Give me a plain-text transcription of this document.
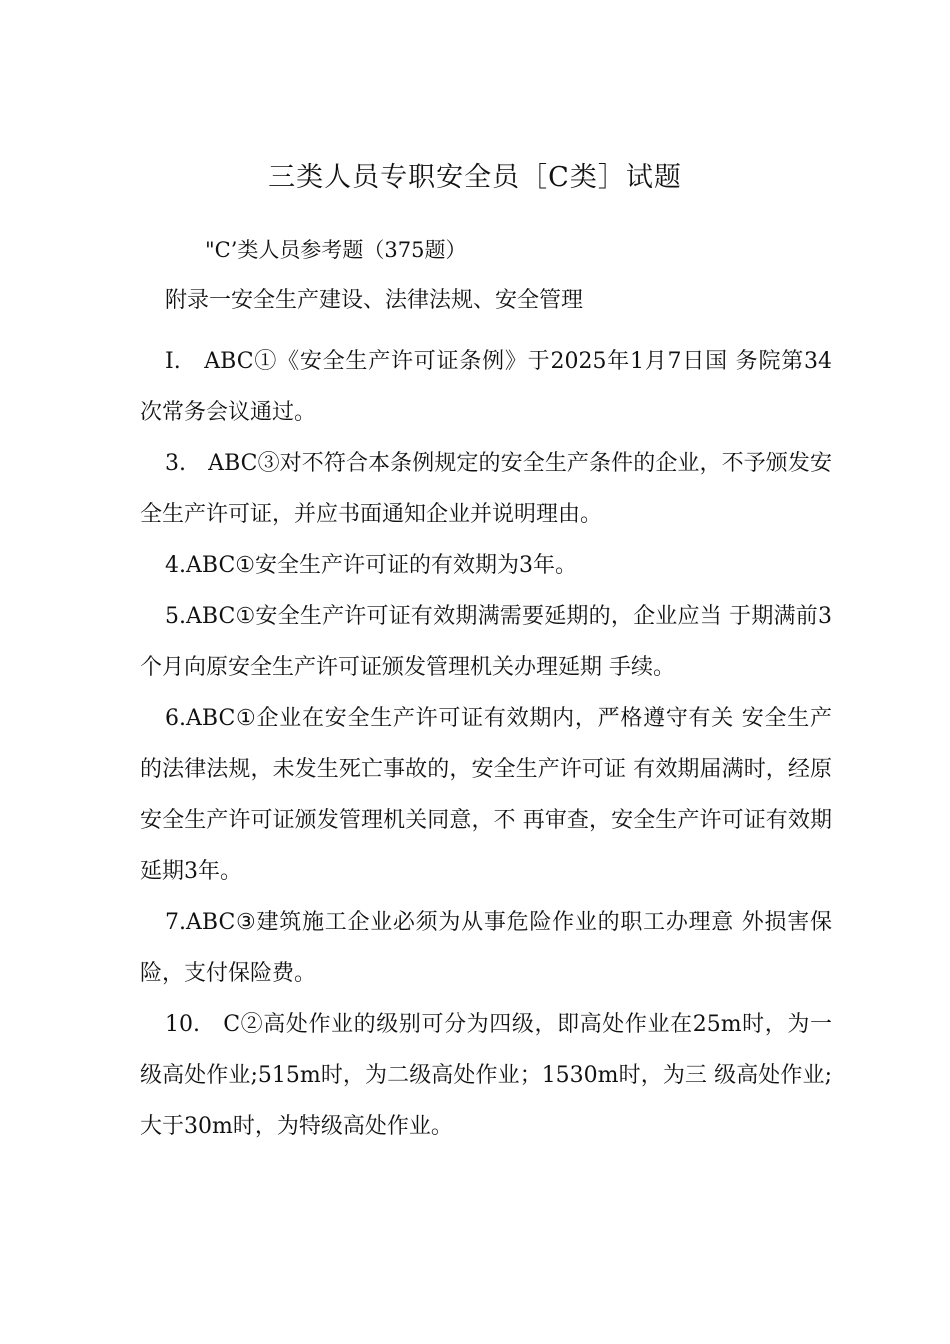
三类人员专职安全员［C类］试题
"C’类人员参考题（375题）
附录一安全生产建设、法律法规、安全管理

I.　ABC①《安全生产许可证条例》于2025年1月7日国 务院第34次常务会议通过。

3.　ABC③对不符合本条例规定的安全生产条件的企业，不予颁发安全生产许可证，并应书面通知企业并说明理由。

4.ABC①安全生产许可证的有效期为3年。

5.ABC①安全生产许可证有效期满需要延期的，企业应当 于期满前3个月向原安全生产许可证颁发管理机关办理延期 手续。

6.ABC①企业在安全生产许可证有效期内，严格遵守有关 安全生产的法律法规，未发生死亡事故的，安全生产许可证 有效期届满时，经原安全生产许可证颁发管理机关同意，不 再审查，安全生产许可证有效期延期3年。

7.ABC③建筑施工企业必须为从事危险作业的职工办理意 外损害保险，支付保险费。

10.　C②高处作业的级别可分为四级，即高处作业在25m时，为一级高处作业;515m时，为二级高处作业；1530m时，为三 级高处作业;大于30m时，为特级高处作业。
